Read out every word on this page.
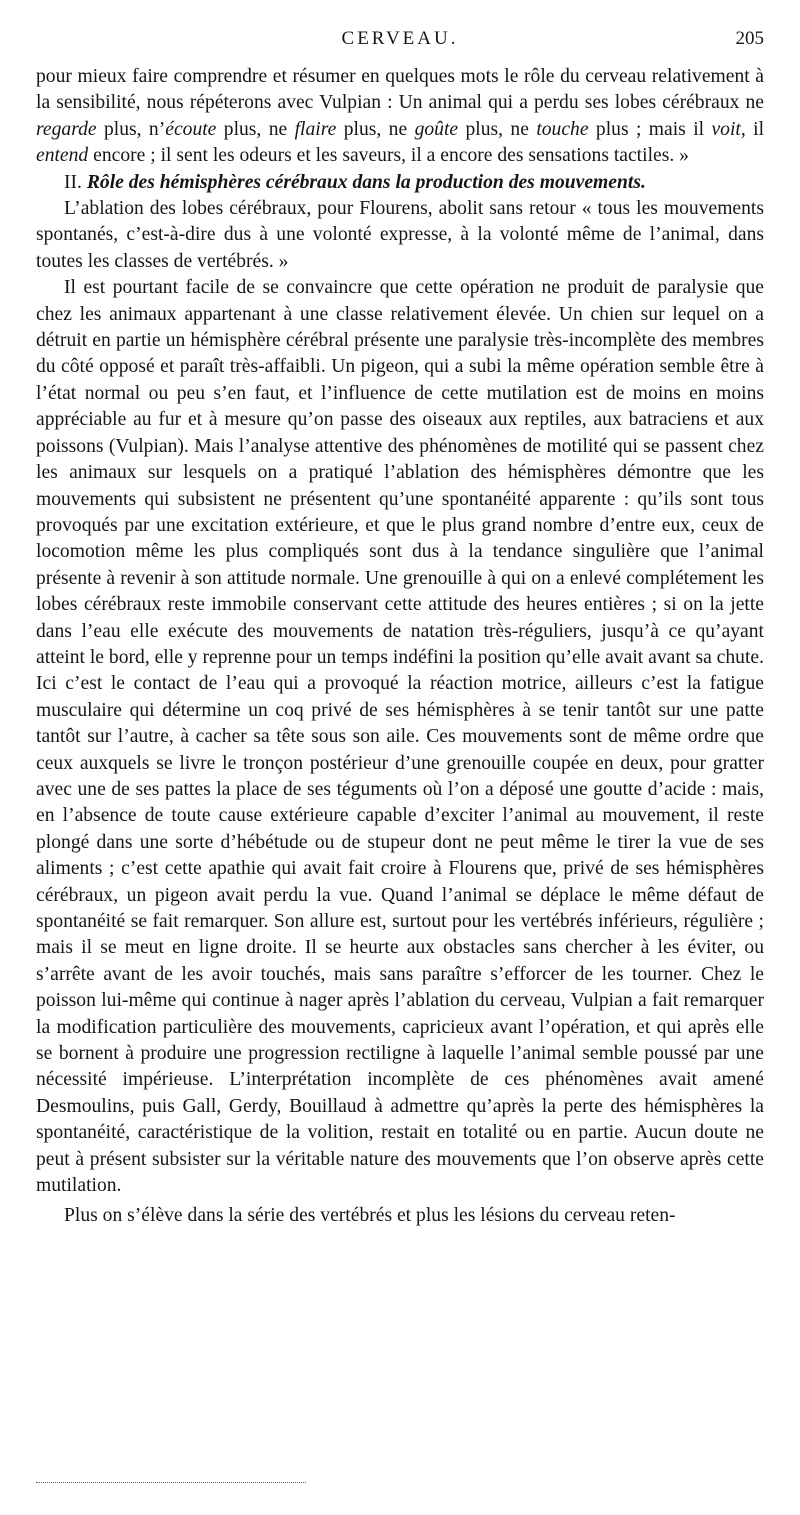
CERVEAU.	205

pour mieux faire comprendre et résumer en quelques mots le rôle du cerveau relativement à la sensibilité, nous répéterons avec Vulpian : Un animal qui a perdu ses lobes cérébraux ne regarde plus, n’écoute plus, ne flaire plus, ne goûte plus, ne touche plus ; mais il voit, il entend encore ; il sent les odeurs et les saveurs, il a encore des sensations tactiles. »

II. Rôle des hémisphères cérébraux dans la production des mouvements.

L’ablation des lobes cérébraux, pour Flourens, abolit sans retour « tous les mouvements spontanés, c’est-à-dire dus à une volonté expresse, à la volonté même de l’animal, dans toutes les classes de vertébrés. »

Il est pourtant facile de se convaincre que cette opération ne produit de paralysie que chez les animaux appartenant à une classe relativement élevée. Un chien sur lequel on a détruit en partie un hémisphère cérébral présente une paralysie très-incomplète des membres du côté opposé et paraît très-affaibli. Un pigeon, qui a subi la même opération semble être à l’état normal ou peu s’en faut, et l’influence de cette mutilation est de moins en moins appréciable au fur et à mesure qu’on passe des oiseaux aux reptiles, aux batraciens et aux poissons (Vulpian). Mais l’analyse attentive des phénomènes de motilité qui se passent chez les animaux sur lesquels on a pratiqué l’ablation des hémisphères démontre que les mouvements qui subsistent ne présentent qu’une spontanéité apparente : qu’ils sont tous provoqués par une excitation extérieure, et que le plus grand nombre d’entre eux, ceux de locomotion même les plus compliqués sont dus à la tendance singulière que l’animal présente à revenir à son attitude normale. Une grenouille à qui on a enlevé complétement les lobes cérébraux reste immobile conservant cette attitude des heures entières ; si on la jette dans l’eau elle exécute des mouvements de natation très-réguliers, jusqu’à ce qu’ayant atteint le bord, elle y reprenne pour un temps indéfini la position qu’elle avait avant sa chute. Ici c’est le contact de l’eau qui a provoqué la réaction motrice, ailleurs c’est la fatigue musculaire qui détermine un coq privé de ses hémisphères à se tenir tantôt sur une patte tantôt sur l’autre, à cacher sa tête sous son aile. Ces mouvements sont de même ordre que ceux auxquels se livre le tronçon postérieur d’une grenouille coupée en deux, pour gratter avec une de ses pattes la place de ses téguments où l’on a déposé une goutte d’acide : mais, en l’absence de toute cause extérieure capable d’exciter l’animal au mouvement, il reste plongé dans une sorte d’hébétude ou de stupeur dont ne peut même le tirer la vue de ses aliments ; c’est cette apathie qui avait fait croire à Flourens que, privé de ses hémisphères cérébraux, un pigeon avait perdu la vue. Quand l’animal se déplace le même défaut de spontanéité se fait remarquer. Son allure est, surtout pour les vertébrés inférieurs, régulière ; mais il se meut en ligne droite. Il se heurte aux obstacles sans chercher à les éviter, ou s’arrête avant de les avoir touchés, mais sans paraître s’efforcer de les tourner. Chez le poisson lui-même qui continue à nager après l’ablation du cerveau, Vulpian a fait remarquer la modification particulière des mouvements, capricieux avant l’opération, et qui après elle se bornent à produire une progression rectiligne à laquelle l’animal semble poussé par une nécessité impérieuse. L’interprétation incomplète de ces phénomènes avait amené Desmoulins, puis Gall, Gerdy, Bouillaud à admettre qu’après la perte des hémisphères la spontanéité, caractéristique de la volition, restait en totalité ou en partie. Aucun doute ne peut à présent subsister sur la véritable nature des mouvements que l’on observe après cette mutilation.

Plus on s’élève dans la série des vertébrés et plus les lésions du cerveau reten-
